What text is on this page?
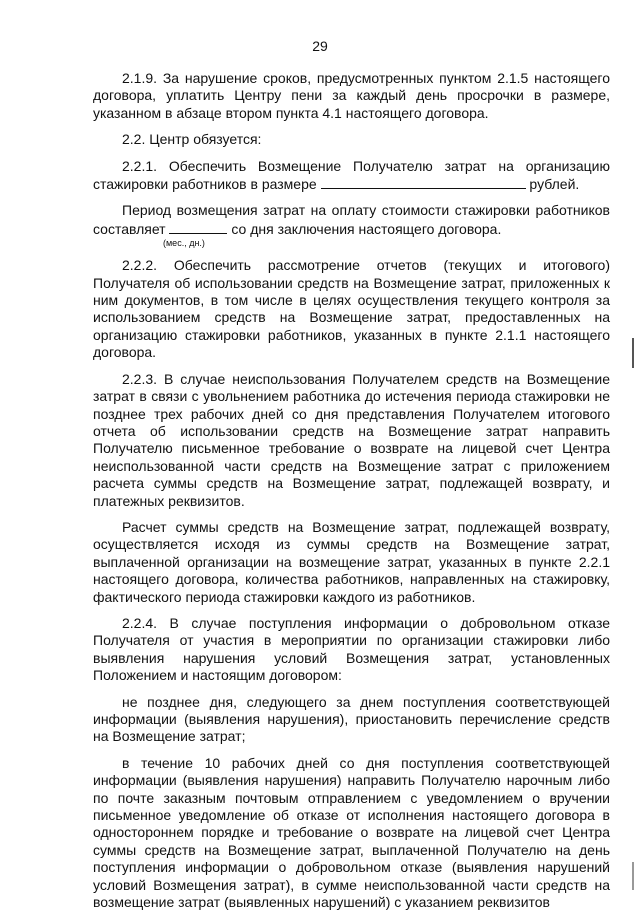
29

2.1.9. За нарушение сроков, предусмотренных пунктом 2.1.5 настоящего договора, уплатить Центру пени за каждый день просрочки в размере, указанном в абзаце втором пункта 4.1 настоящего договора.

2.2. Центр обязуется:

2.2.1. Обеспечить Возмещение Получателю затрат на организацию стажировки работников в размере	рублей.

Период возмещения затрат на оплату стоимости стажировки работников составляет	со дня заключения настоящего договора.

(мес., дн.)

2.2.2. Обеспечить рассмотрение отчетов (текущих и итогового) Получателя об использовании средств на Возмещение затрат, приложенных к ним документов, в том числе в целях осуществления текущего контроля за использованием средств на Возмещение затрат, предоставленных на организацию стажировки работников, указанных в пункте 2.1.1 настоящего договора.

2.2.3. В случае неиспользования Получателем средств на Возмещение затрат в связи с увольнением работника до истечения периода стажировки не позднее трех рабочих дней со дня представления Получателем итогового отчета об использовании средств на Возмещение затрат направить Получателю письменное требование о возврате на лицевой счет Центра неиспользованной части средств на Возмещение затрат с приложением расчета суммы средств на Возмещение затрат, подлежащей возврату, и платежных реквизитов.

Расчет суммы средств на Возмещение затрат, подлежащей возврату, осуществляется исходя из суммы средств на Возмещение затрат, выплаченной организации на возмещение затрат, указанных в пункте 2.2.1 настоящего договора, количества работников, направленных на стажировку, фактического периода стажировки каждого из работников.

2.2.4. В случае поступления информации о добровольном отказе Получателя от участия в мероприятии по организации стажировки либо выявления нарушения условий Возмещения затрат, установленных Положением и настоящим договором:

не позднее дня, следующего за днем поступления соответствующей информации (выявления нарушения), приостановить перечисление средств на Возмещение затрат;

в течение 10 рабочих дней со дня поступления соответствующей информации (выявления нарушения) направить Получателю нарочным либо по почте заказным почтовым отправлением с уведомлением о вручении письменное уведомление об отказе от исполнения настоящего договора в одностороннем порядке и требование о возврате на лицевой счет Центра суммы средств на Возмещение затрат, выплаченной Получателю на день поступления информации о добровольном отказе (выявления нарушений условий Возмещения затрат), в сумме неиспользованной части средств на возмещение затрат (выявленных нарушений) с указанием реквизитов
